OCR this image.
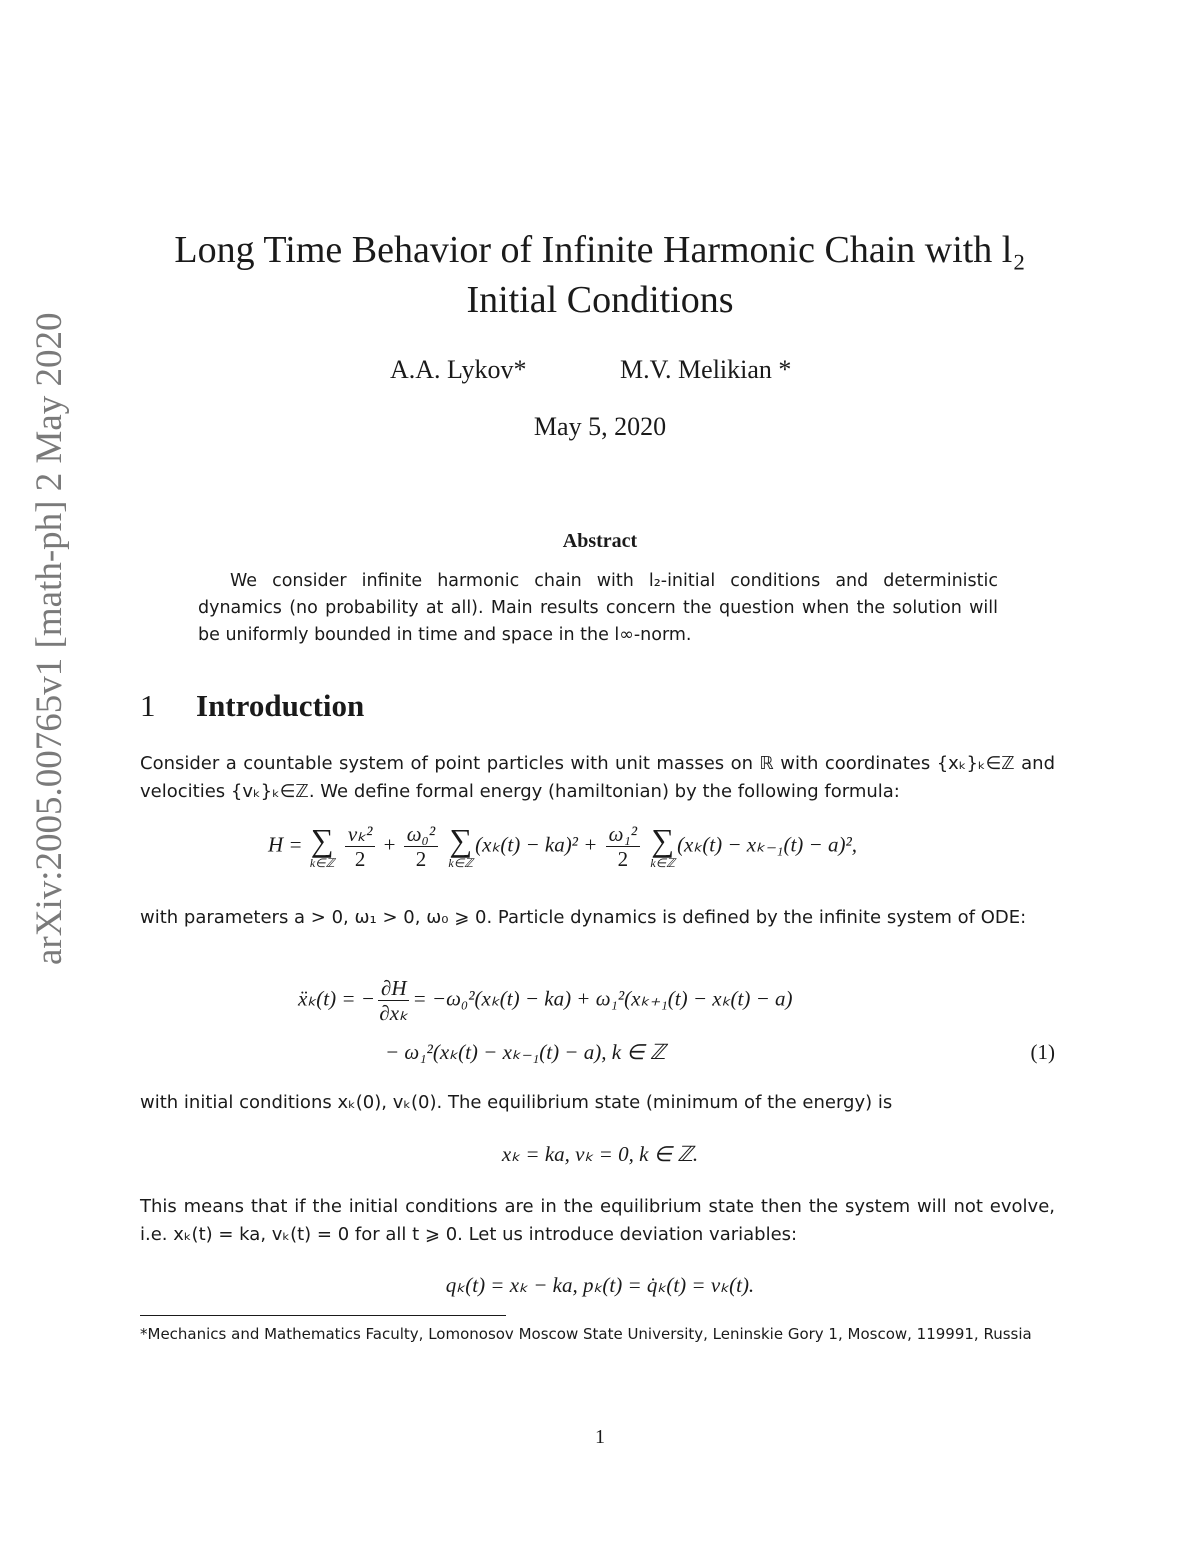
arXiv:2005.00765v1 [math-ph] 2 May 2020
Long Time Behavior of Infinite Harmonic Chain with l₂
Initial Conditions
A.A. Lykov*	M.V. Melikian *
May 5, 2020
Abstract
We consider infinite harmonic chain with l₂-initial conditions and deterministic dynamics (no probability at all). Main results concern the question when the solution will be uniformly bounded in time and space in the l∞-norm.
1 Introduction
Consider a countable system of point particles with unit masses on ℝ with coordinates {xₖ}ₖ∈ℤ and velocities {vₖ}ₖ∈ℤ. We define formal energy (hamiltonian) by the following formula:
H = ∑
k∈ℤ
$\frac{\text{vₖ²}}{2} + \frac{\text{ω₀²}}{2}$
∑
k∈ℤ
$(x_k(t) - ka)^2 + \frac{\text{ω₁²}}{2}$
∑
k∈ℤ
(xₖ(t) − xₖ₋₁(t) − a)²,
with parameters a > 0, ω₁ > 0, ω₀ ⩾ 0. Particle dynamics is defined by the infinite system of ODE:
ẍₖ(t) = − $\frac{\partial H}{\text{∂xₖ}} = -\omega_0^2(x_k(t) - ka) + \omega_1^2(x_{k+1}(t) - x_k(t) - a)$
− ω₁²(xₖ(t) − xₖ₋₁(t) − a), k ∈ ℤ	(1)
with initial conditions xₖ(0), vₖ(0). The equilibrium state (minimum of the energy) is
xₖ = ka, vₖ = 0, k ∈ ℤ.
This means that if the initial conditions are in the equilibrium state then the system will not evolve, i.e. xₖ(t) = ka, vₖ(t) = 0 for all t ⩾ 0. Let us introduce deviation variables:
qₖ(t) = xₖ − ka, pₖ(t) = q̇ₖ(t) = vₖ(t).
*Mechanics and Mathematics Faculty, Lomonosov Moscow State University, Leninskie Gory 1, Moscow, 119991, Russia
1
